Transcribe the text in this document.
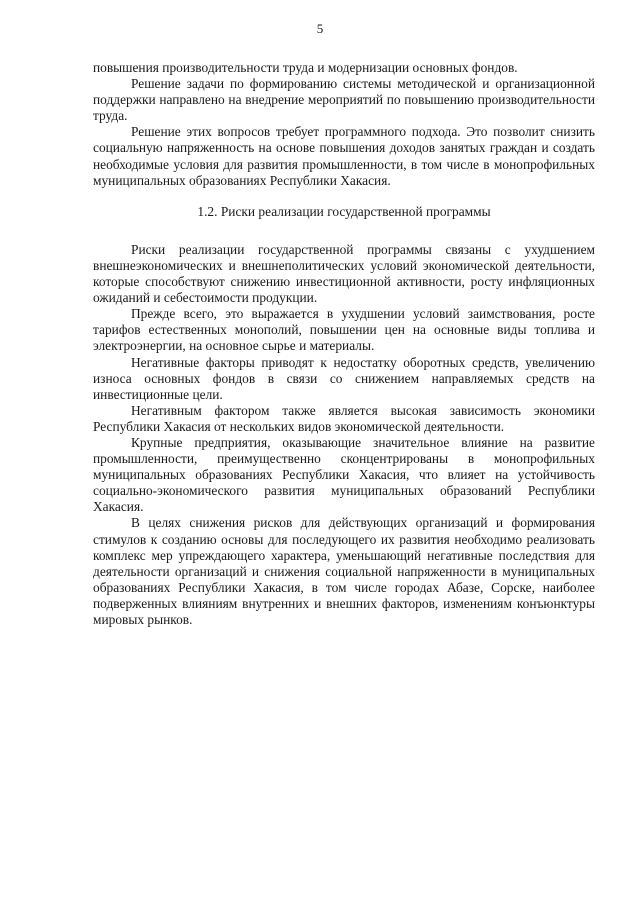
5

повышения производительности труда и модернизации основных фондов.

Решение задачи по формированию системы методической и организационной поддержки направлено на внедрение мероприятий по повышению производительности труда.

Решение этих вопросов требует программного подхода. Это позволит снизить социальную напряженность на основе повышения доходов занятых граждан и создать необходимые условия для развития промышленности, в том числе в монопрофильных муниципальных образованиях Республики Хакасия.

1.2. Риски реализации государственной программы

Риски реализации государственной программы связаны с ухудшением внешнеэкономических и внешнеполитических условий экономической деятельности, которые способствуют снижению инвестиционной активности, росту инфляционных ожиданий и себестоимости продукции.

Прежде всего, это выражается в ухудшении условий заимствования, росте тарифов естественных монополий, повышении цен на основные виды топлива и электроэнергии, на основное сырье и материалы.

Негативные факторы приводят к недостатку оборотных средств, увеличению износа основных фондов в связи со снижением направляемых средств на инвестиционные цели.

Негативным фактором также является высокая зависимость экономики Республики Хакасия от нескольких видов экономической деятельности.

Крупные предприятия, оказывающие значительное влияние на развитие промышленности, преимущественно сконцентрированы в монопрофильных муниципальных образованиях Республики Хакасия, что влияет на устойчивость социально-экономического развития муниципальных образований Республики Хакасия.

В целях снижения рисков для действующих организаций и формирования стимулов к созданию основы для последующего их развития необходимо реализовать комплекс мер упреждающего характера, уменьшающий негативные последствия для деятельности организаций и снижения социальной напряженности в муниципальных образованиях Республики Хакасия, в том числе городах Абазе, Сорске, наиболее подверженных влияниям внутренних и внешних факторов, изменениям конъюнктуры мировых рынков.
